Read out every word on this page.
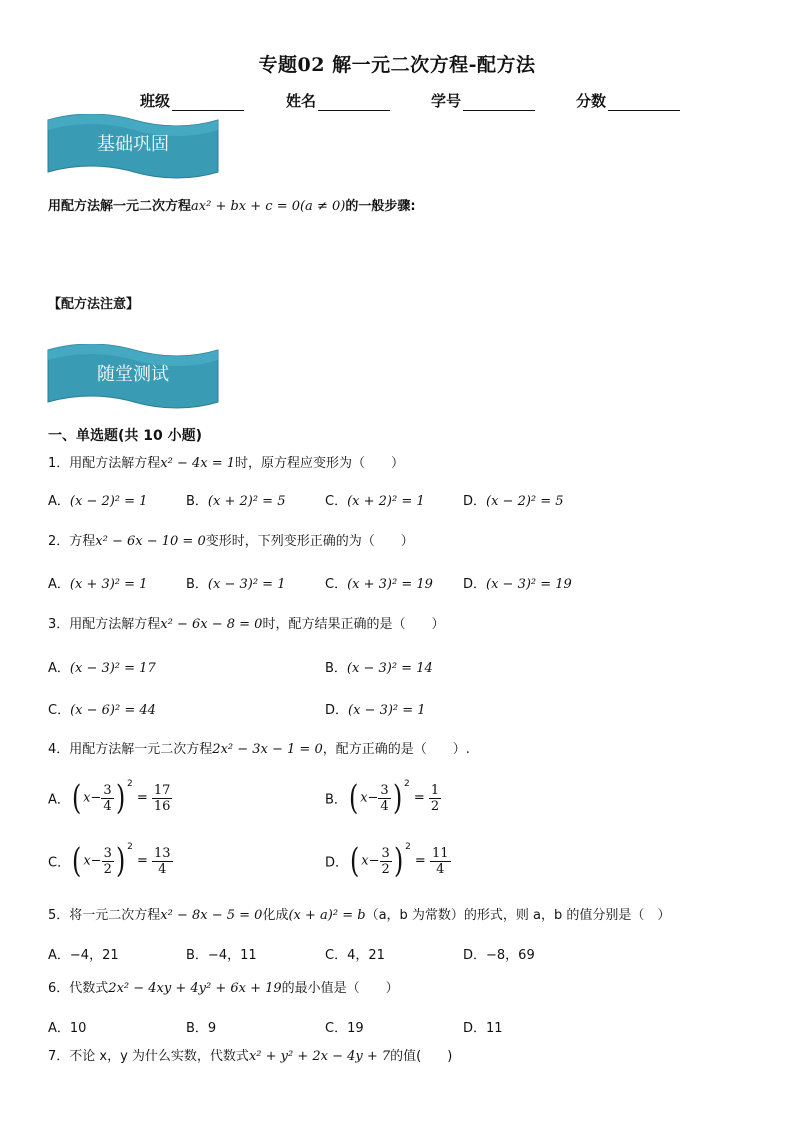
专题02 解一元二次方程-配方法
班级	姓名	学号	分数
基础巩固
用配方法解一元二次方程ax² + bx + c = 0(a ≠ 0)的一般步骤:
【配方法注意】
随堂测试
一、单选题(共 10 小题)
1．用配方法解方程x² − 4x = 1时，原方程应变形为（　　）
A．(x − 2)² = 1	B．(x + 2)² = 5	C．(x + 2)² = 1	D．(x − 2)² = 5
2．方程x² − 6x − 10 = 0变形时，下列变形正确的为（　　）
A．(x + 3)² = 1	B．(x − 3)² = 1	C．(x + 3)² = 19 D．(x − 3)² = 19
3．用配方法解方程x² − 6x − 8 = 0时，配方结果正确的是（　　）
A．(x − 3)² = 17	B．(x − 3)² = 14
C．(x − 6)² = 44	D．(x − 3)² = 1
4．用配方法解一元二次方程2x² − 3x − 1 = 0，配方正确的是（　　）.
A．( $x- \frac{3}{4}$ ) $^2 = \frac{17}{16}$	B．( $x- \frac{3}{4}$ ) $^2 = \frac{1}{2}$
C．( $x- \frac{3}{2}$ ) $^2 = \frac{13}{4}$	D．( $x- \frac{3}{2}$ ) $^2 = \frac{11}{4}$
5．将一元二次方程x² − 8x − 5 = 0化成(x + a)² = b（a，b 为常数）的形式，则 a，b 的值分别是（　）
A．−4，21	B．−4，11	C．4，21	D．−8，69
6．代数式2x² − 4xy + 4y² + 6x + 19的最小值是（　　）
A．10	B．9	C．19	D．11
7．不论 x，y 为什么实数，代数式x² + y² + 2x − 4y + 7的值(　　)
